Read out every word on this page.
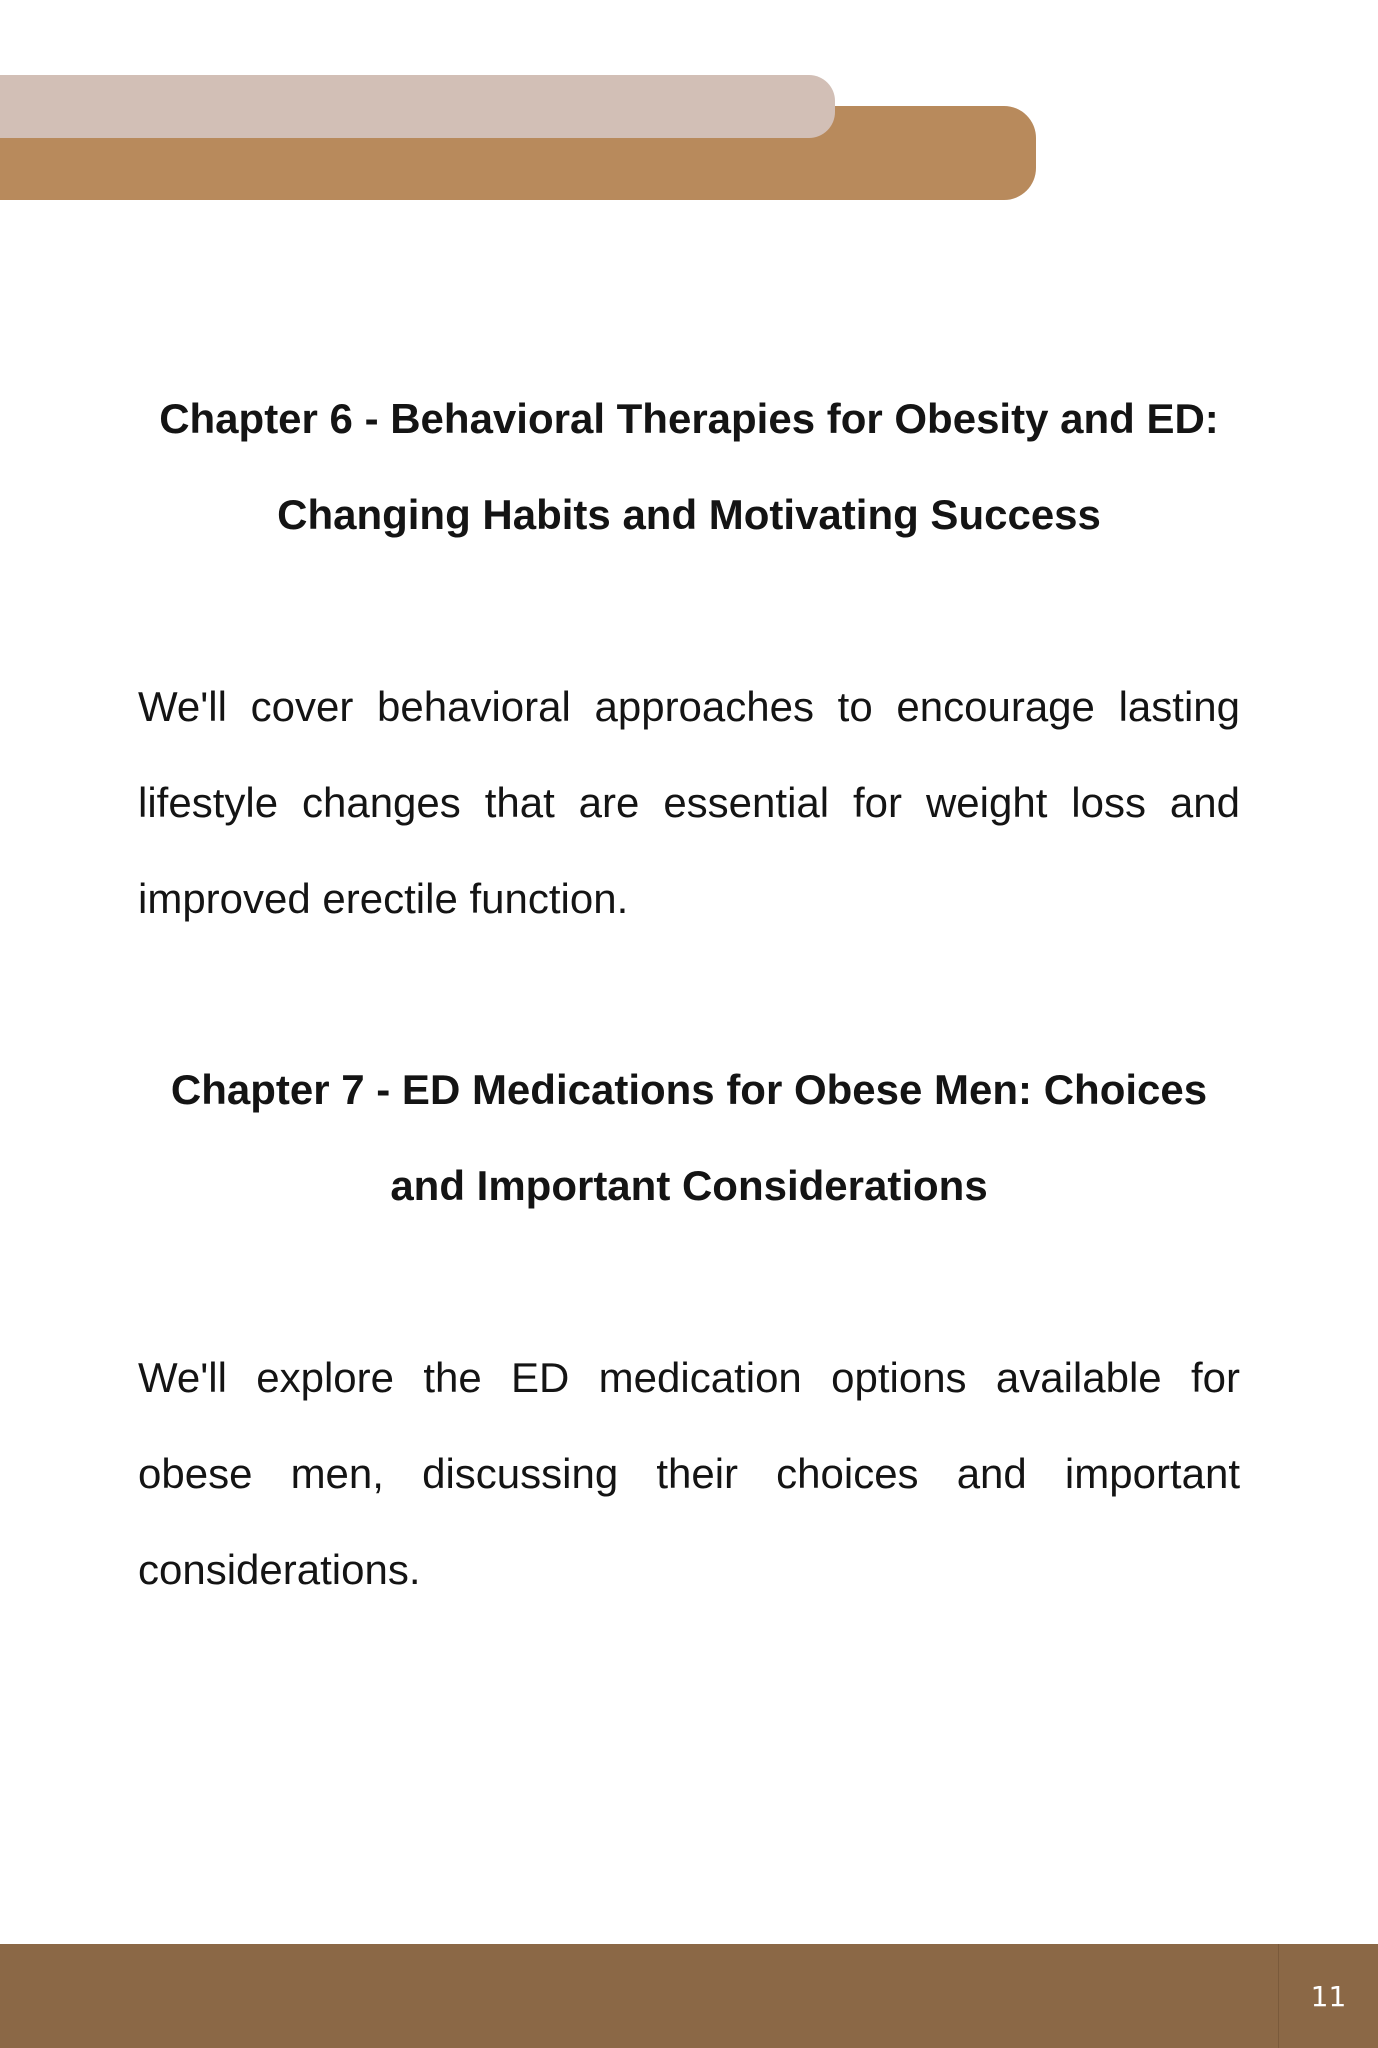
Chapter 6 - Behavioral Therapies for Obesity and ED: Changing Habits and Motivating Success

We'll cover behavioral approaches to encourage lasting lifestyle changes that are essential for weight loss and improved erectile function.

Chapter 7 - ED Medications for Obese Men: Choices and Important Considerations

We'll explore the ED medication options available for obese men, discussing their choices and important considerations.

11
